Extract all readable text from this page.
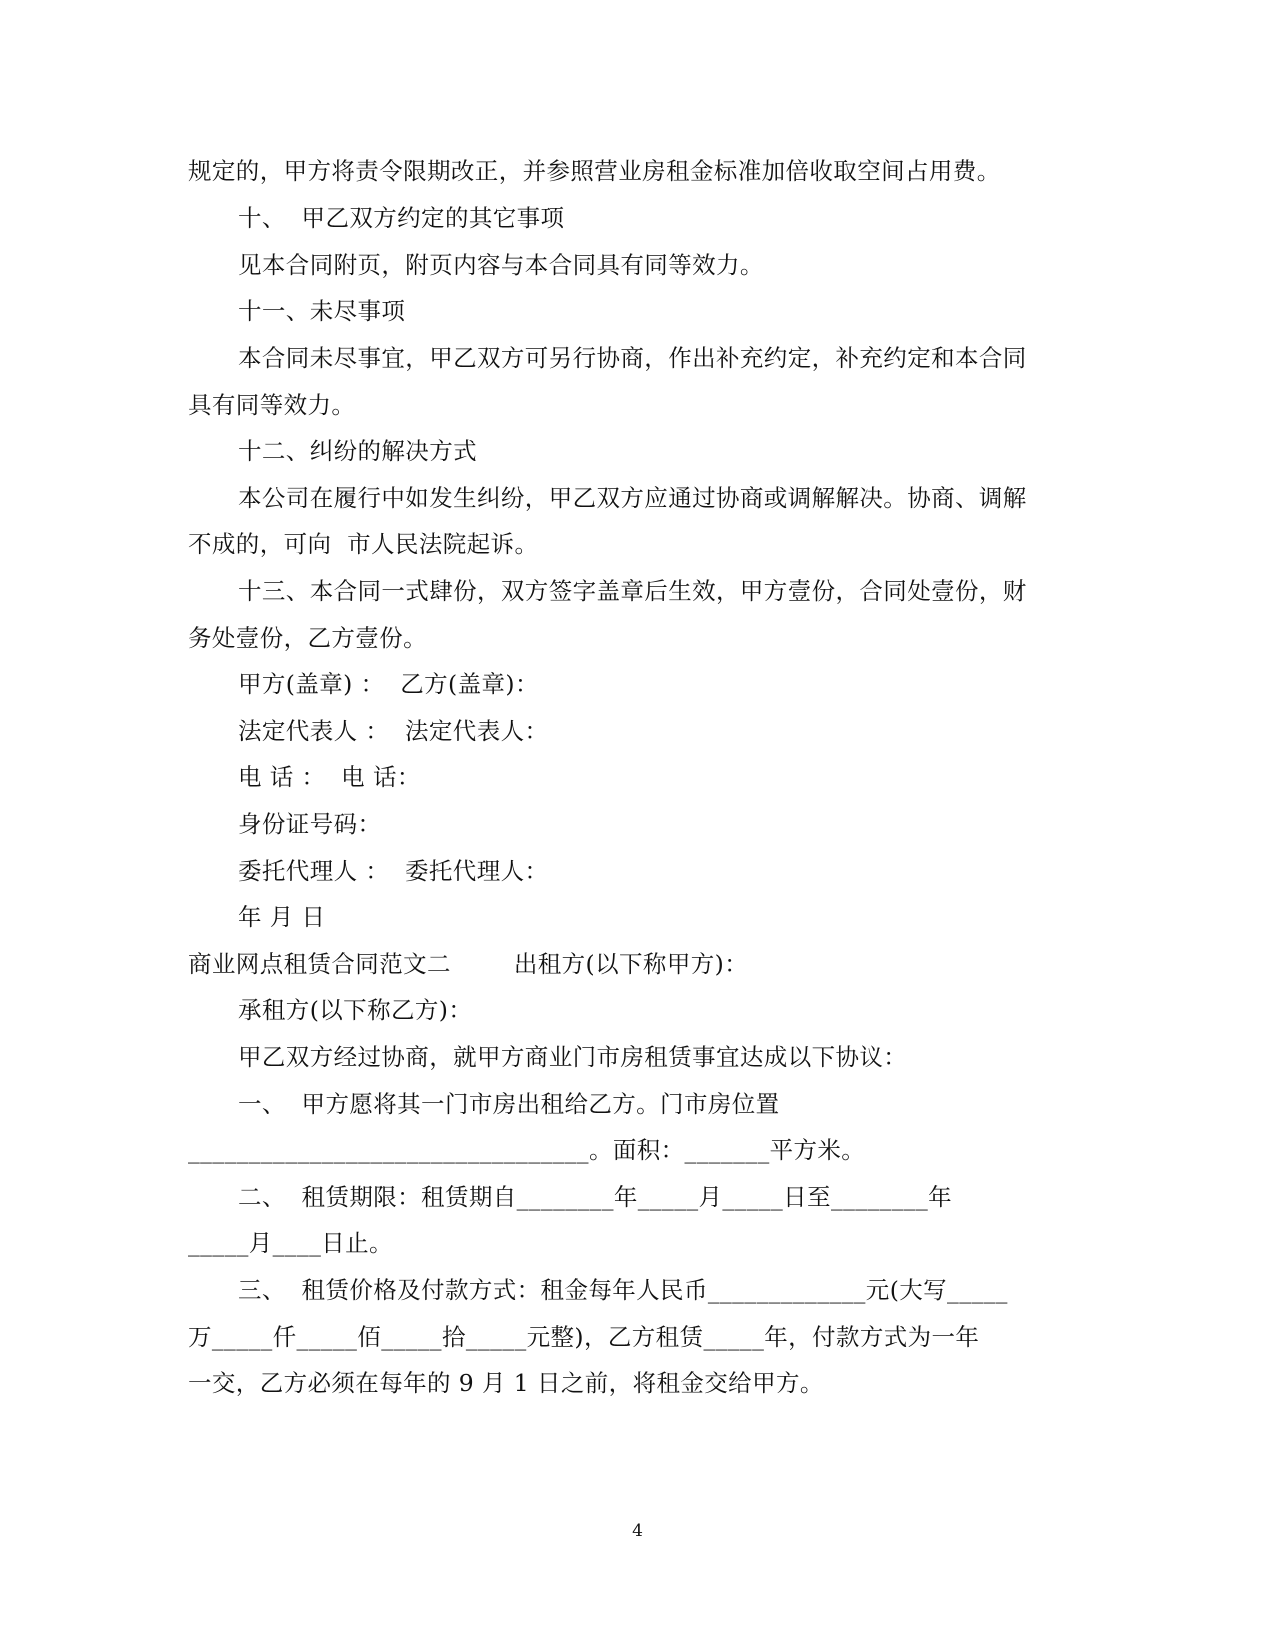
规定的，甲方将责令限期改正，并参照营业房租金标准加倍收取空间占用费。
十、  甲乙双方约定的其它事项
见本合同附页，附页内容与本合同具有同等效力。
十一、未尽事项
本合同未尽事宜，甲乙双方可另行协商，作出补充约定，补充约定和本合同
具有同等效力。
十二、纠纷的解决方式
本公司在履行中如发生纠纷，甲乙双方应通过协商或调解解决。协商、调解
不成的，可向  市人民法院起诉。
十三、本合同一式肆份，双方签字盖章后生效，甲方壹份，合同处壹份，财
务处壹份，乙方壹份。
甲方(盖章) ：  乙方(盖章)：
法定代表人 ：  法定代表人：
电 话 ：  电 话：
身份证号码：
委托代理人 ：  委托代理人：
年 月 日
商业网点租赁合同范文二        出租方(以下称甲方)：
承租方(以下称乙方)：
甲乙双方经过协商，就甲方商业门市房租赁事宜达成以下协议：
一、  甲方愿将其一门市房出租给乙方。门市房位置
_________________________________。面积：_______平方米。
二、  租赁期限：租赁期自________年_____月_____日至________年
_____月____日止。
三、  租赁价格及付款方式：租金每年人民币_____________元(大写_____
万_____仟_____佰_____拾_____元整)，乙方租赁_____年，付款方式为一年
一交，乙方必须在每年的 9 月 1 日之前，将租金交给甲方。
4
